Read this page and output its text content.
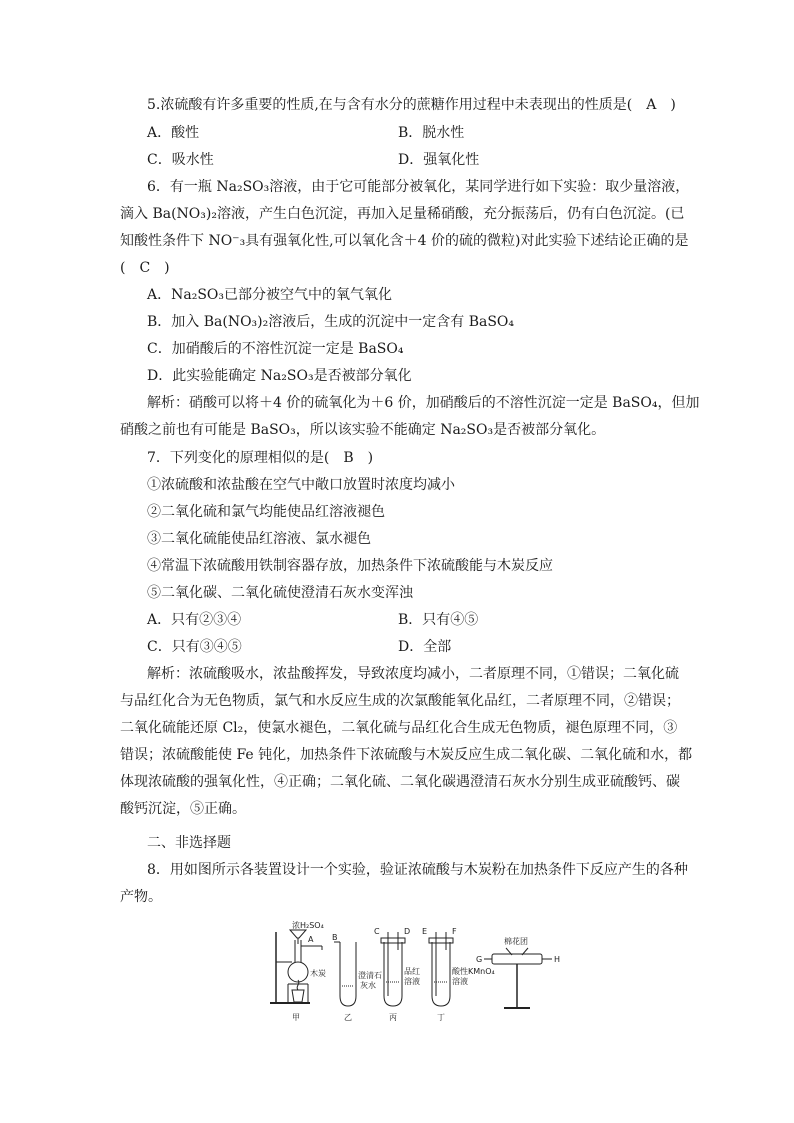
5.浓硫酸有许多重要的性质,在与含有水分的蔗糖作用过程中未表现出的性质是(　A　)
A．酸性	B．脱水性
C．吸水性	D．强氧化性
6．有一瓶 Na₂SO₃溶液，由于它可能部分被氧化，某同学进行如下实验：取少量溶液，
滴入 Ba(NO₃)₂溶液，产生白色沉淀，再加入足量稀硝酸，充分振荡后，仍有白色沉淀。(已
知酸性条件下 NO⁻₃具有强氧化性,可以氧化含＋4 价的硫的微粒)对此实验下述结论正确的是
(　C　)
A．Na₂SO₃已部分被空气中的氧气氧化
B．加入 Ba(NO₃)₂溶液后，生成的沉淀中一定含有 BaSO₄
C．加硝酸后的不溶性沉淀一定是 BaSO₄
D．此实验能确定 Na₂SO₃是否被部分氧化
解析：硝酸可以将＋4 价的硫氧化为＋6 价，加硝酸后的不溶性沉淀一定是 BaSO₄，但加
硝酸之前也有可能是 BaSO₃，所以该实验不能确定 Na₂SO₃是否被部分氧化。
7．下列变化的原理相似的是(　B　)
①浓硫酸和浓盐酸在空气中敞口放置时浓度均减小
②二氧化硫和氯气均能使品红溶液褪色
③二氧化硫能使品红溶液、氯水褪色
④常温下浓硫酸用铁制容器存放，加热条件下浓硫酸能与木炭反应
⑤二氧化碳、二氧化硫使澄清石灰水变浑浊
A．只有②③④	B．只有④⑤
C．只有③④⑤	D．全部
解析：浓硫酸吸水，浓盐酸挥发，导致浓度均减小，二者原理不同，①错误；二氧化硫
与品红化合为无色物质，氯气和水反应生成的次氯酸能氧化品红，二者原理不同，②错误；
二氧化硫能还原 Cl₂，使氯水褪色，二氧化硫与品红化合生成无色物质，褪色原理不同，③
错误；浓硫酸能使 Fe 钝化，加热条件下浓硫酸与木炭反应生成二氧化碳、二氧化硫和水，都
体现浓硫酸的强氧化性，④正确；二氧化硫、二氧化碳遇澄清石灰水分别生成亚硫酸钙、碳
酸钙沉淀，⑤正确。
二、非选择题
8．用如图所示各装置设计一个实验，验证浓硫酸与木炭粉在加热条件下反应产生的各种
产物。
浓H₂SO₄
A
木炭
B
澄清石
灰水
C	D
品红
溶液
E	F
酸性KMnO₄
溶液
棉花团
G	H
甲	乙	丙	丁
